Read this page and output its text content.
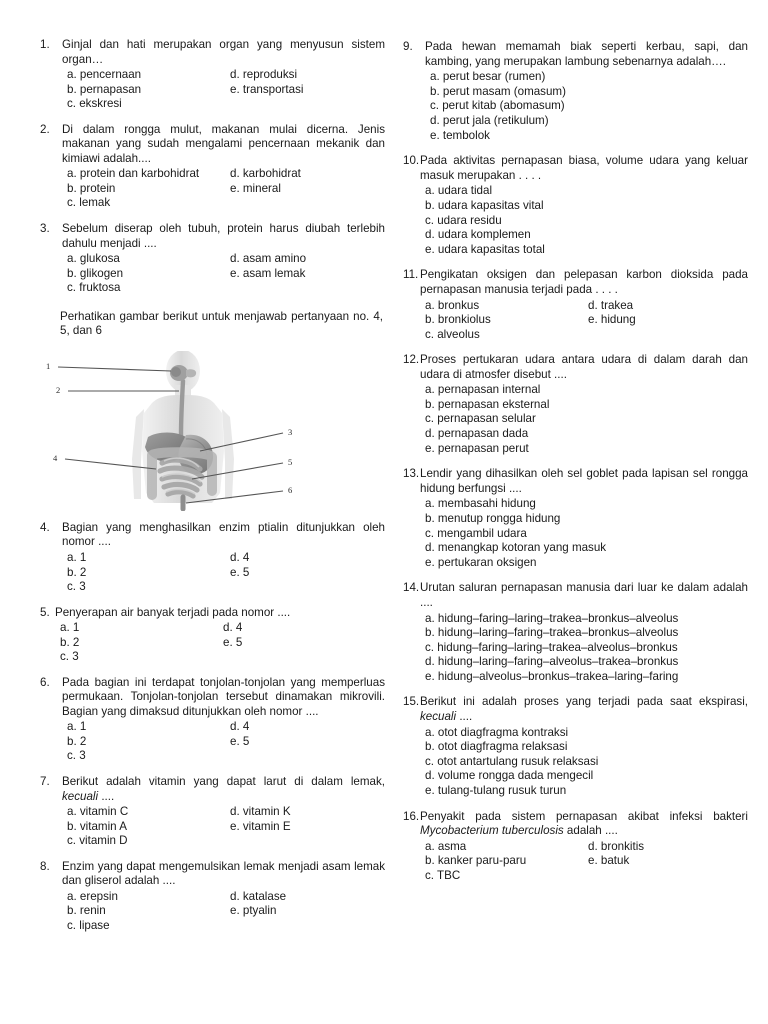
1.	Ginjal dan hati merupakan organ yang menyusun sistem organ…

a. pencernaan
b. pernapasan
c. ekskresi
d. reproduksi
e. transportasi
2.	Di dalam rongga mulut, makanan mulai dicerna. Jenis makanan yang sudah mengalami pencernaan mekanik dan kimiawi adalah....

a. protein dan karbohidrat
b. protein
c. lemak
d. karbohidrat
e. mineral
3.	Sebelum diserap oleh tubuh, protein harus diubah terlebih dahulu menjadi ....

a. glukosa
b. glikogen
c. fruktosa
d. asam amino
e. asam lemak

Perhatikan gambar berikut untuk menjawab pertanyaan no. 4, 5, dan 6

1
2
3
4	5
6
4.	Bagian yang menghasilkan enzim ptialin ditunjukkan oleh nomor ....

a. 1
b. 2
c. 3
d. 4
e. 5
5. Penyerapan air banyak terjadi pada nomor ....

a. 1
b. 2
c. 3
d. 4
e. 5
6.	Pada bagian ini terdapat tonjolan-tonjolan yang memperluas permukaan. Tonjolan-tonjolan tersebut dinamakan mikrovili. Bagian yang dimaksud ditunjukkan oleh nomor ....

a. 1
b. 2
c. 3
d. 4
e. 5
7.	Berikut adalah vitamin yang dapat larut di dalam lemak, kecuali ....

a. vitamin C
b. vitamin A
c. vitamin D
d. vitamin K
e. vitamin E
8.	Enzim yang dapat mengemulsikan lemak menjadi asam lemak dan gliserol adalah ....

a. erepsin
b. renin
c. lipase
d. katalase
e. ptyalin
9.	Pada hewan memamah biak seperti kerbau, sapi, dan kambing, yang merupakan lambung sebenarnya adalah….

a. perut besar (rumen)
b. perut masam (omasum)
c. perut kitab (abomasum)
d. perut jala (retikulum)
e. tembolok
10. Pada aktivitas pernapasan biasa, volume udara yang keluar masuk merupakan . . . .

a. udara tidal
b. udara kapasitas vital
c. udara residu
d. udara komplemen
e. udara kapasitas total
11. Pengikatan oksigen dan pelepasan karbon dioksida pada pernapasan manusia terjadi pada . . . .

a. bronkus
b. bronkiolus
c. alveolus
d. trakea
e. hidung
12. Proses pertukaran udara antara udara di dalam darah dan udara di atmosfer disebut ....

a. pernapasan internal
b. pernapasan eksternal
c. pernapasan selular
d. pernapasan dada
e. pernapasan perut
13. Lendir yang dihasilkan oleh sel goblet pada lapisan sel rongga hidung berfungsi ....

a. membasahi hidung
b. menutup rongga hidung
c. mengambil udara
d. menangkap kotoran yang masuk
e. pertukaran oksigen
14. Urutan saluran pernapasan manusia dari luar ke dalam adalah ....

a. hidung–faring–laring–trakea–bronkus–alveolus
b. hidung–laring–faring–trakea–bronkus–alveolus
c. hidung–faring–laring–trakea–alveolus–bronkus
d. hidung–laring–faring–alveolus–trakea–bronkus
e. hidung–alveolus–bronkus–trakea–laring–faring
15. Berikut ini adalah proses yang terjadi pada saat ekspirasi, kecuali ....

a. otot diagfragma kontraksi
b. otot diagfragma relaksasi
c. otot antartulang rusuk relaksasi
d. volume rongga dada mengecil
e. tulang-tulang rusuk turun
16. Penyakit pada sistem pernapasan akibat infeksi bakteri Mycobacterium tuberculosis adalah ....

a. asma
b. kanker paru-paru
c. TBC
d. bronkitis
e. batuk
